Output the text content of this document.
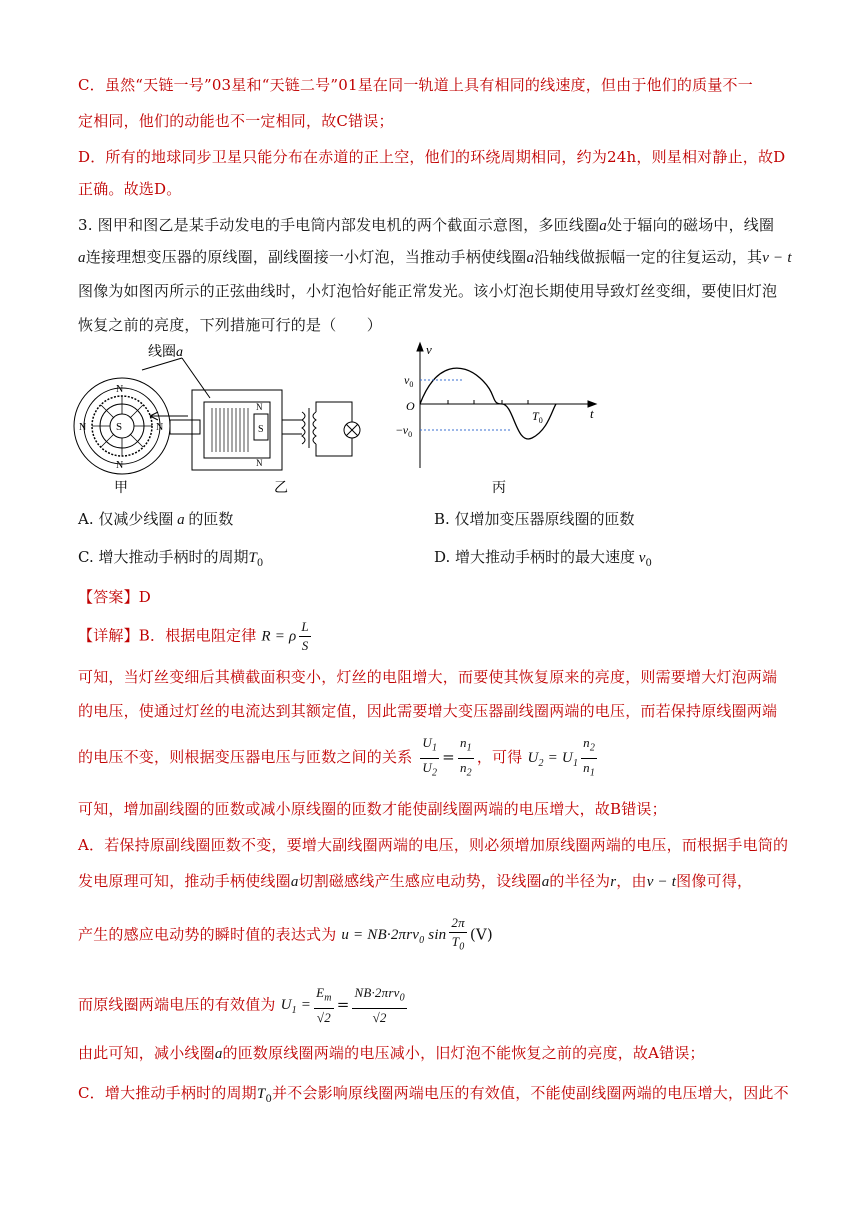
C．虽然“天链一号”03星和“天链二号”01星在同一轨道上具有相同的线速度，但由于他们的质量不一
定相同，他们的动能也不一定相同，故C错误；
D．所有的地球同步卫星只能分布在赤道的正上空，他们的环绕周期相同，约为24h，则星相对静止，故D
正确。故选D。
3. 图甲和图乙是某手动发电的手电筒内部发电机的两个截面示意图，多匝线圈a处于辐向的磁场中，线圈
a连接理想变压器的原线圈，副线圈接一小灯泡，当推动手柄使线圈a沿轴线做振幅一定的往复运动，其v − t
图像为如图丙所示的正弦曲线时，小灯泡恰好能正常发光。该小灯泡长期使用导致灯丝变细，要使旧灯泡
恢复之前的亮度，下列措施可行的是（　　）
S
N
N
N	N
线圈a
N
S
N
甲	乙
v
t
$v_0$
O
$-v_0$
$T_0$
丙
A. 仅减少线圈 a 的匝数	B. 仅增加变压器原线圈的匝数
C. 增大推动手柄时的周期$T_0$	D. 增大推动手柄时的最大速度 $v_0$
【答案】D
【详解】B．根据电阻定律 R = ρ $\frac{L}{S}$
可知，当灯丝变细后其横截面积变小，灯丝的电阻增大，而要使其恢复原来的亮度，则需要增大灯泡两端
的电压，使通过灯丝的电流达到其额定值，因此需要增大变压器副线圈两端的电压，而若保持原线圈两端
的电压不变，则根据变压器电压与匝数之间的关系 $\frac{U_1}{U_2} = \frac{n_1}{n_2}$ ，可得 $U_2 = U_1 \frac{n_2}{n_1}$
可知，增加副线圈的匝数或减小原线圈的匝数才能使副线圈两端的电压增大，故B错误；
A．若保持原副线圈匝数不变，要增大副线圈两端的电压，则必须增加原线圈两端的电压，而根据手电筒的
发电原理可知，推动手柄使线圈a切割磁感线产生感应电动势，设线圈a的半径为r，由v − t图像可得，
产生的感应电动势的瞬时值的表达式为 u = NB·2πrv$_0$ $\sin \frac{2\pi}{T_0} (V)$
而原线圈两端电压的有效值为 $U_1 = \frac{E_m}{√2} = \frac{NB\cdot 2\pi rv_0}{√2}$
由此可知，减小线圈a的匝数原线圈两端的电压减小，旧灯泡不能恢复之前的亮度，故A错误；
C．增大推动手柄时的周期$T_0$并不会影响原线圈两端电压的有效值，不能使副线圈两端的电压增大，因此不
